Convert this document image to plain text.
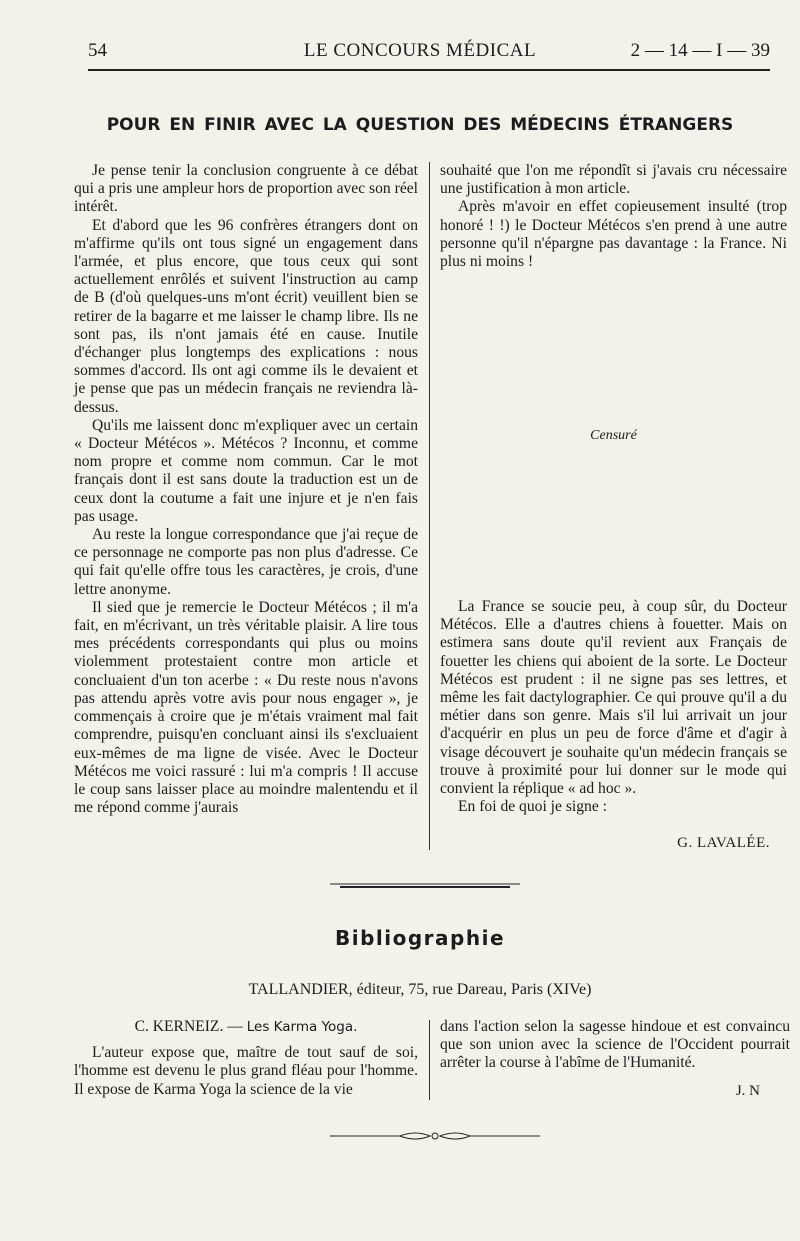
54	LE CONCOURS MÉDICAL	2 — 14 — I — 39
POUR EN FINIR AVEC LA QUESTION DES MÉDECINS ÉTRANGERS

Je pense tenir la conclusion congruente à ce débat qui a pris une ampleur hors de proportion avec son réel intérêt.

Et d'abord que les 96 confrères étrangers dont on m'affirme qu'ils ont tous signé un engagement dans l'armée, et plus encore, que tous ceux qui sont actuellement enrôlés et suivent l'instruction au camp de B (d'où quelques-uns m'ont écrit) veuillent bien se retirer de la bagarre et me laisser le champ libre. Ils ne sont pas, ils n'ont jamais été en cause. Inutile d'échanger plus longtemps des explications : nous sommes d'accord. Ils ont agi comme ils le devaient et je pense que pas un médecin français ne reviendra là-dessus.

Qu'ils me laissent donc m'expliquer avec un certain « Docteur Métécos ». Métécos ? Inconnu, et comme nom propre et comme nom commun. Car le mot français dont il est sans doute la traduction est un de ceux dont la coutume a fait une injure et je n'en fais pas usage.

Au reste la longue correspondance que j'ai reçue de ce personnage ne comporte pas non plus d'adresse. Ce qui fait qu'elle offre tous les caractères, je crois, d'une lettre anonyme.

Il sied que je remercie le Docteur Métécos ; il m'a fait, en m'écrivant, un très véritable plaisir. A lire tous mes précédents correspondants qui plus ou moins violemment protestaient contre mon article et concluaient d'un ton acerbe : « Du reste nous n'avons pas attendu après votre avis pour nous engager », je commençais à croire que je m'étais vraiment mal fait comprendre, puisqu'en concluant ainsi ils s'excluaient eux-mêmes de ma ligne de visée. Avec le Docteur Métécos me voici rassuré : lui m'a compris ! Il accuse le coup sans laisser place au moindre malentendu et il me répond comme j'aurais

souhaité que l'on me répondît si j'avais cru nécessaire une justification à mon article.

Après m'avoir en effet copieusement insulté (trop honoré ! !) le Docteur Métécos s'en prend à une autre personne qu'il n'épargne pas davantage : la France. Ni plus ni moins !

Censuré

La France se soucie peu, à coup sûr, du Docteur Métécos. Elle a d'autres chiens à fouetter. Mais on estimera sans doute qu'il revient aux Français de fouetter les chiens qui aboient de la sorte. Le Docteur Métécos est prudent : il ne signe pas ses lettres, et même les fait dactylographier. Ce qui prouve qu'il a du métier dans son genre. Mais s'il lui arrivait un jour d'acquérir en plus un peu de force d'âme et d'agir à visage découvert je souhaite qu'un médecin français se trouve à proximité pour lui donner sur le mode qui convient la réplique « ad hoc ».

En foi de quoi je signe :

G. LAVALÉE.
Bibliographie
TALLANDIER, éditeur, 75, rue Dareau, Paris (XIVe)

C. KERNEIZ. — Les Karma Yoga.

L'auteur expose que, maître de tout sauf de soi, l'homme est devenu le plus grand fléau pour l'homme. Il expose de Karma Yoga la science de la vie

dans l'action selon la sagesse hindoue et est convaincu que son union avec la science de l'Occident pourrait arrêter la course à l'abîme de l'Humanité.

J. N
